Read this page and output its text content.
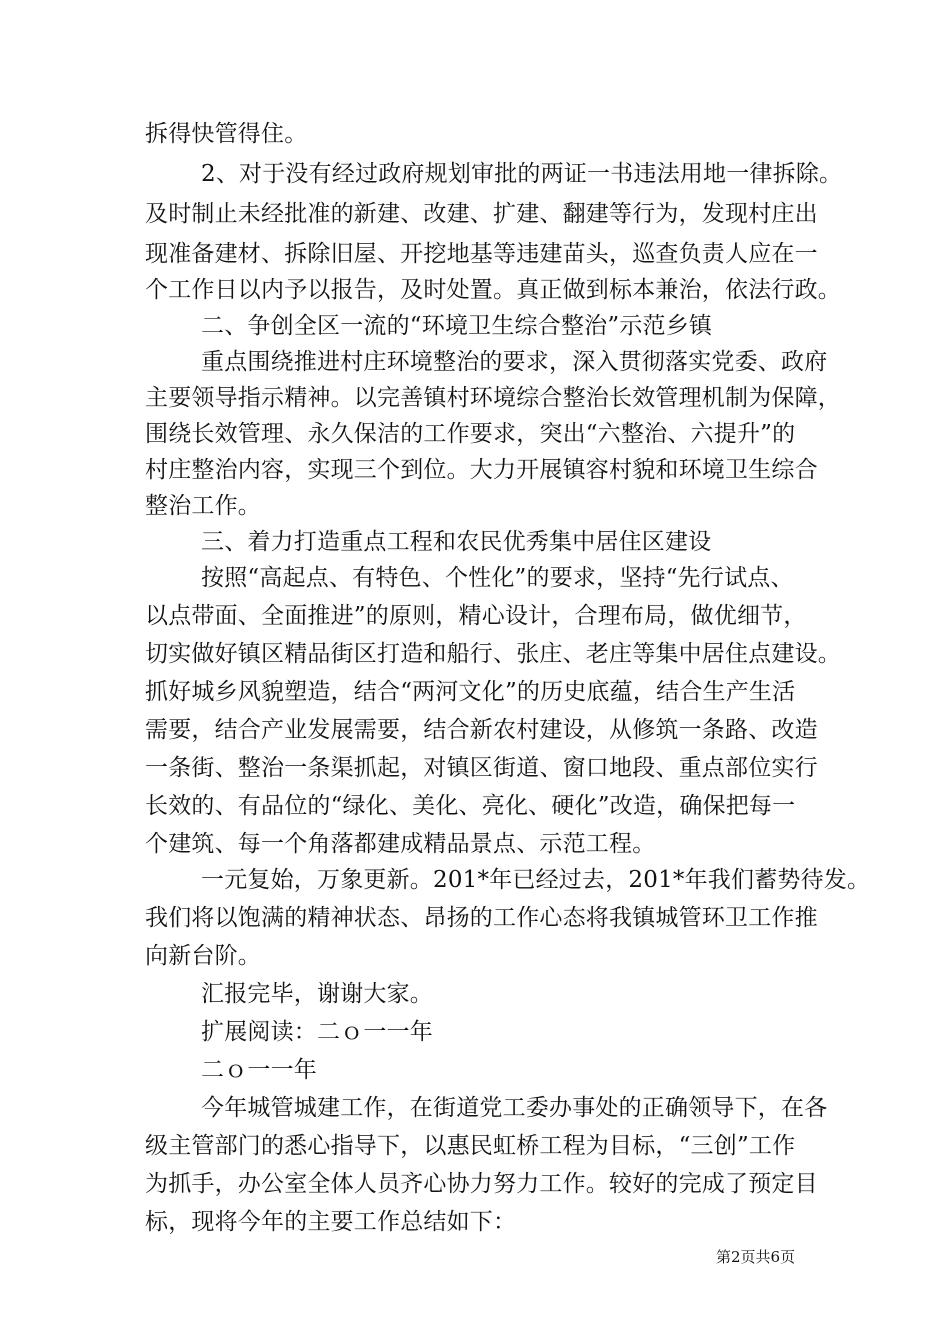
拆得快管得住。
2、对于没有经过政府规划审批的两证一书违法用地一律拆除。
及时制止未经批准的新建、改建、扩建、翻建等行为，发现村庄出
现准备建材、拆除旧屋、开挖地基等违建苗头，巡查负责人应在一
个工作日以内予以报告，及时处置。真正做到标本兼治，依法行政。
二、争创全区一流的“环境卫生综合整治”示范乡镇
重点围绕推进村庄环境整治的要求，深入贯彻落实党委、政府
主要领导指示精神。以完善镇村环境综合整治长效管理机制为保障，
围绕长效管理、永久保洁的工作要求，突出“六整治、六提升”的
村庄整治内容，实现三个到位。大力开展镇容村貌和环境卫生综合
整治工作。
三、着力打造重点工程和农民优秀集中居住区建设
按照“高起点、有特色、个性化”的要求，坚持“先行试点、
以点带面、全面推进”的原则，精心设计，合理布局，做优细节，
切实做好镇区精品街区打造和船行、张庄、老庄等集中居住点建设。
抓好城乡风貌塑造，结合“两河文化”的历史底蕴，结合生产生活
需要，结合产业发展需要，结合新农村建设，从修筑一条路、改造
一条街、整治一条渠抓起，对镇区街道、窗口地段、重点部位实行
长效的、有品位的“绿化、美化、亮化、硬化”改造，确保把每一
个建筑、每一个角落都建成精品景点、示范工程。
一元复始，万象更新。201*年已经过去，201*年我们蓄势待发。
我们将以饱满的精神状态、昂扬的工作心态将我镇城管环卫工作推
向新台阶。
汇报完毕，谢谢大家。
扩展阅读：二ｏ一一年
二ｏ一一年
今年城管城建工作，在街道党工委办事处的正确领导下，在各
级主管部门的悉心指导下，以惠民虹桥工程为目标，“三创”工作
为抓手，办公室全体人员齐心协力努力工作。较好的完成了预定目
标，现将今年的主要工作总结如下：
第2页共6页
